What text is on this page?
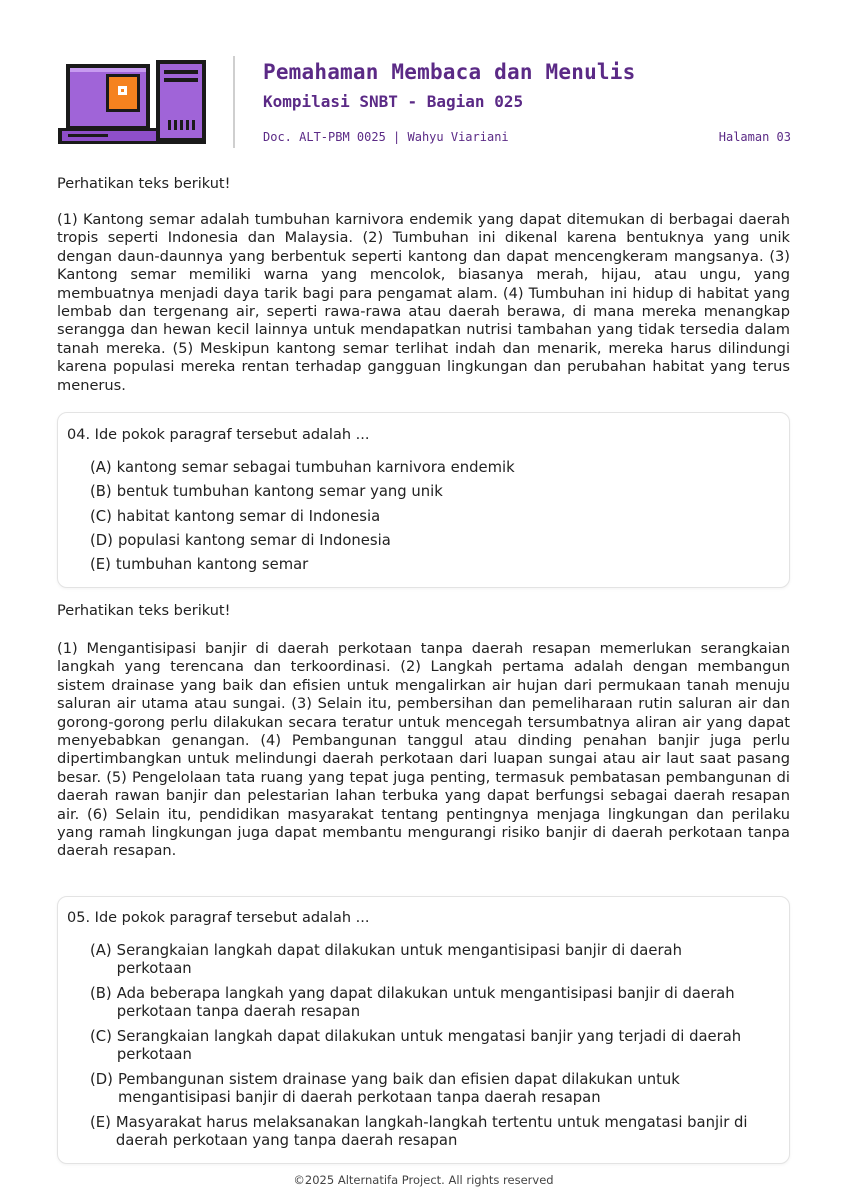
Pemahaman Membaca dan Menulis
Kompilasi SNBT - Bagian 025
Doc. ALT-PBM 0025 | Wahyu Viariani	Halaman 03
Perhatikan teks berikut!
(1) Kantong semar adalah tumbuhan karnivora endemik yang dapat ditemukan di berbagai daerah tropis seperti Indonesia dan Malaysia. (2) Tumbuhan ini dikenal karena bentuknya yang unik dengan daun-daunnya yang berbentuk seperti kantong dan dapat mencengkeram mangsanya. (3) Kantong semar memiliki warna yang mencolok, biasanya merah, hijau, atau ungu, yang membuatnya menjadi daya tarik bagi para pengamat alam. (4) Tumbuhan ini hidup di habitat yang lembab dan tergenang air, seperti rawa-rawa atau daerah berawa, di mana mereka menangkap serangga dan hewan kecil lainnya untuk mendapatkan nutrisi tambahan yang tidak tersedia dalam tanah mereka. (5) Meskipun kantong semar terlihat indah dan menarik, mereka harus dilindungi karena populasi mereka rentan terhadap gangguan lingkungan dan perubahan habitat yang terus menerus.
04. Ide pokok paragraf tersebut adalah ...
(A) kantong semar sebagai tumbuhan karnivora endemik
(B) bentuk tumbuhan kantong semar yang unik
(C) habitat kantong semar di Indonesia
(D) populasi kantong semar di Indonesia
(E) tumbuhan kantong semar
Perhatikan teks berikut!
(1) Mengantisipasi banjir di daerah perkotaan tanpa daerah resapan memerlukan serangkaian langkah yang terencana dan terkoordinasi. (2) Langkah pertama adalah dengan membangun sistem drainase yang baik dan efisien untuk mengalirkan air hujan dari permukaan tanah menuju saluran air utama atau sungai. (3) Selain itu, pembersihan dan pemeliharaan rutin saluran air dan gorong-gorong perlu dilakukan secara teratur untuk mencegah tersumbatnya aliran air yang dapat menyebabkan genangan. (4) Pembangunan tanggul atau dinding penahan banjir juga perlu dipertimbangkan untuk melindungi daerah perkotaan dari luapan sungai atau air laut saat pasang besar. (5) Pengelolaan tata ruang yang tepat juga penting, termasuk pembatasan pembangunan di daerah rawan banjir dan pelestarian lahan terbuka yang dapat berfungsi sebagai daerah resapan air. (6) Selain itu, pendidikan masyarakat tentang pentingnya menjaga lingkungan dan perilaku yang ramah lingkungan juga dapat membantu mengurangi risiko banjir di daerah perkotaan tanpa daerah resapan.
05. Ide pokok paragraf tersebut adalah ...
(A) Serangkaian langkah dapat dilakukan untuk mengantisipasi banjir di daerah perkotaan
(B) Ada beberapa langkah yang dapat dilakukan untuk mengantisipasi banjir di daerah perkotaan tanpa daerah resapan
(C) Serangkaian langkah dapat dilakukan untuk mengatasi banjir yang terjadi di daerah perkotaan
(D) Pembangunan sistem drainase yang baik dan efisien dapat dilakukan untuk mengantisipasi banjir di daerah perkotaan tanpa daerah resapan
(E) Masyarakat harus melaksanakan langkah-langkah tertentu untuk mengatasi banjir di daerah perkotaan yang tanpa daerah resapan
©2025 Alternatifa Project. All rights reserved
